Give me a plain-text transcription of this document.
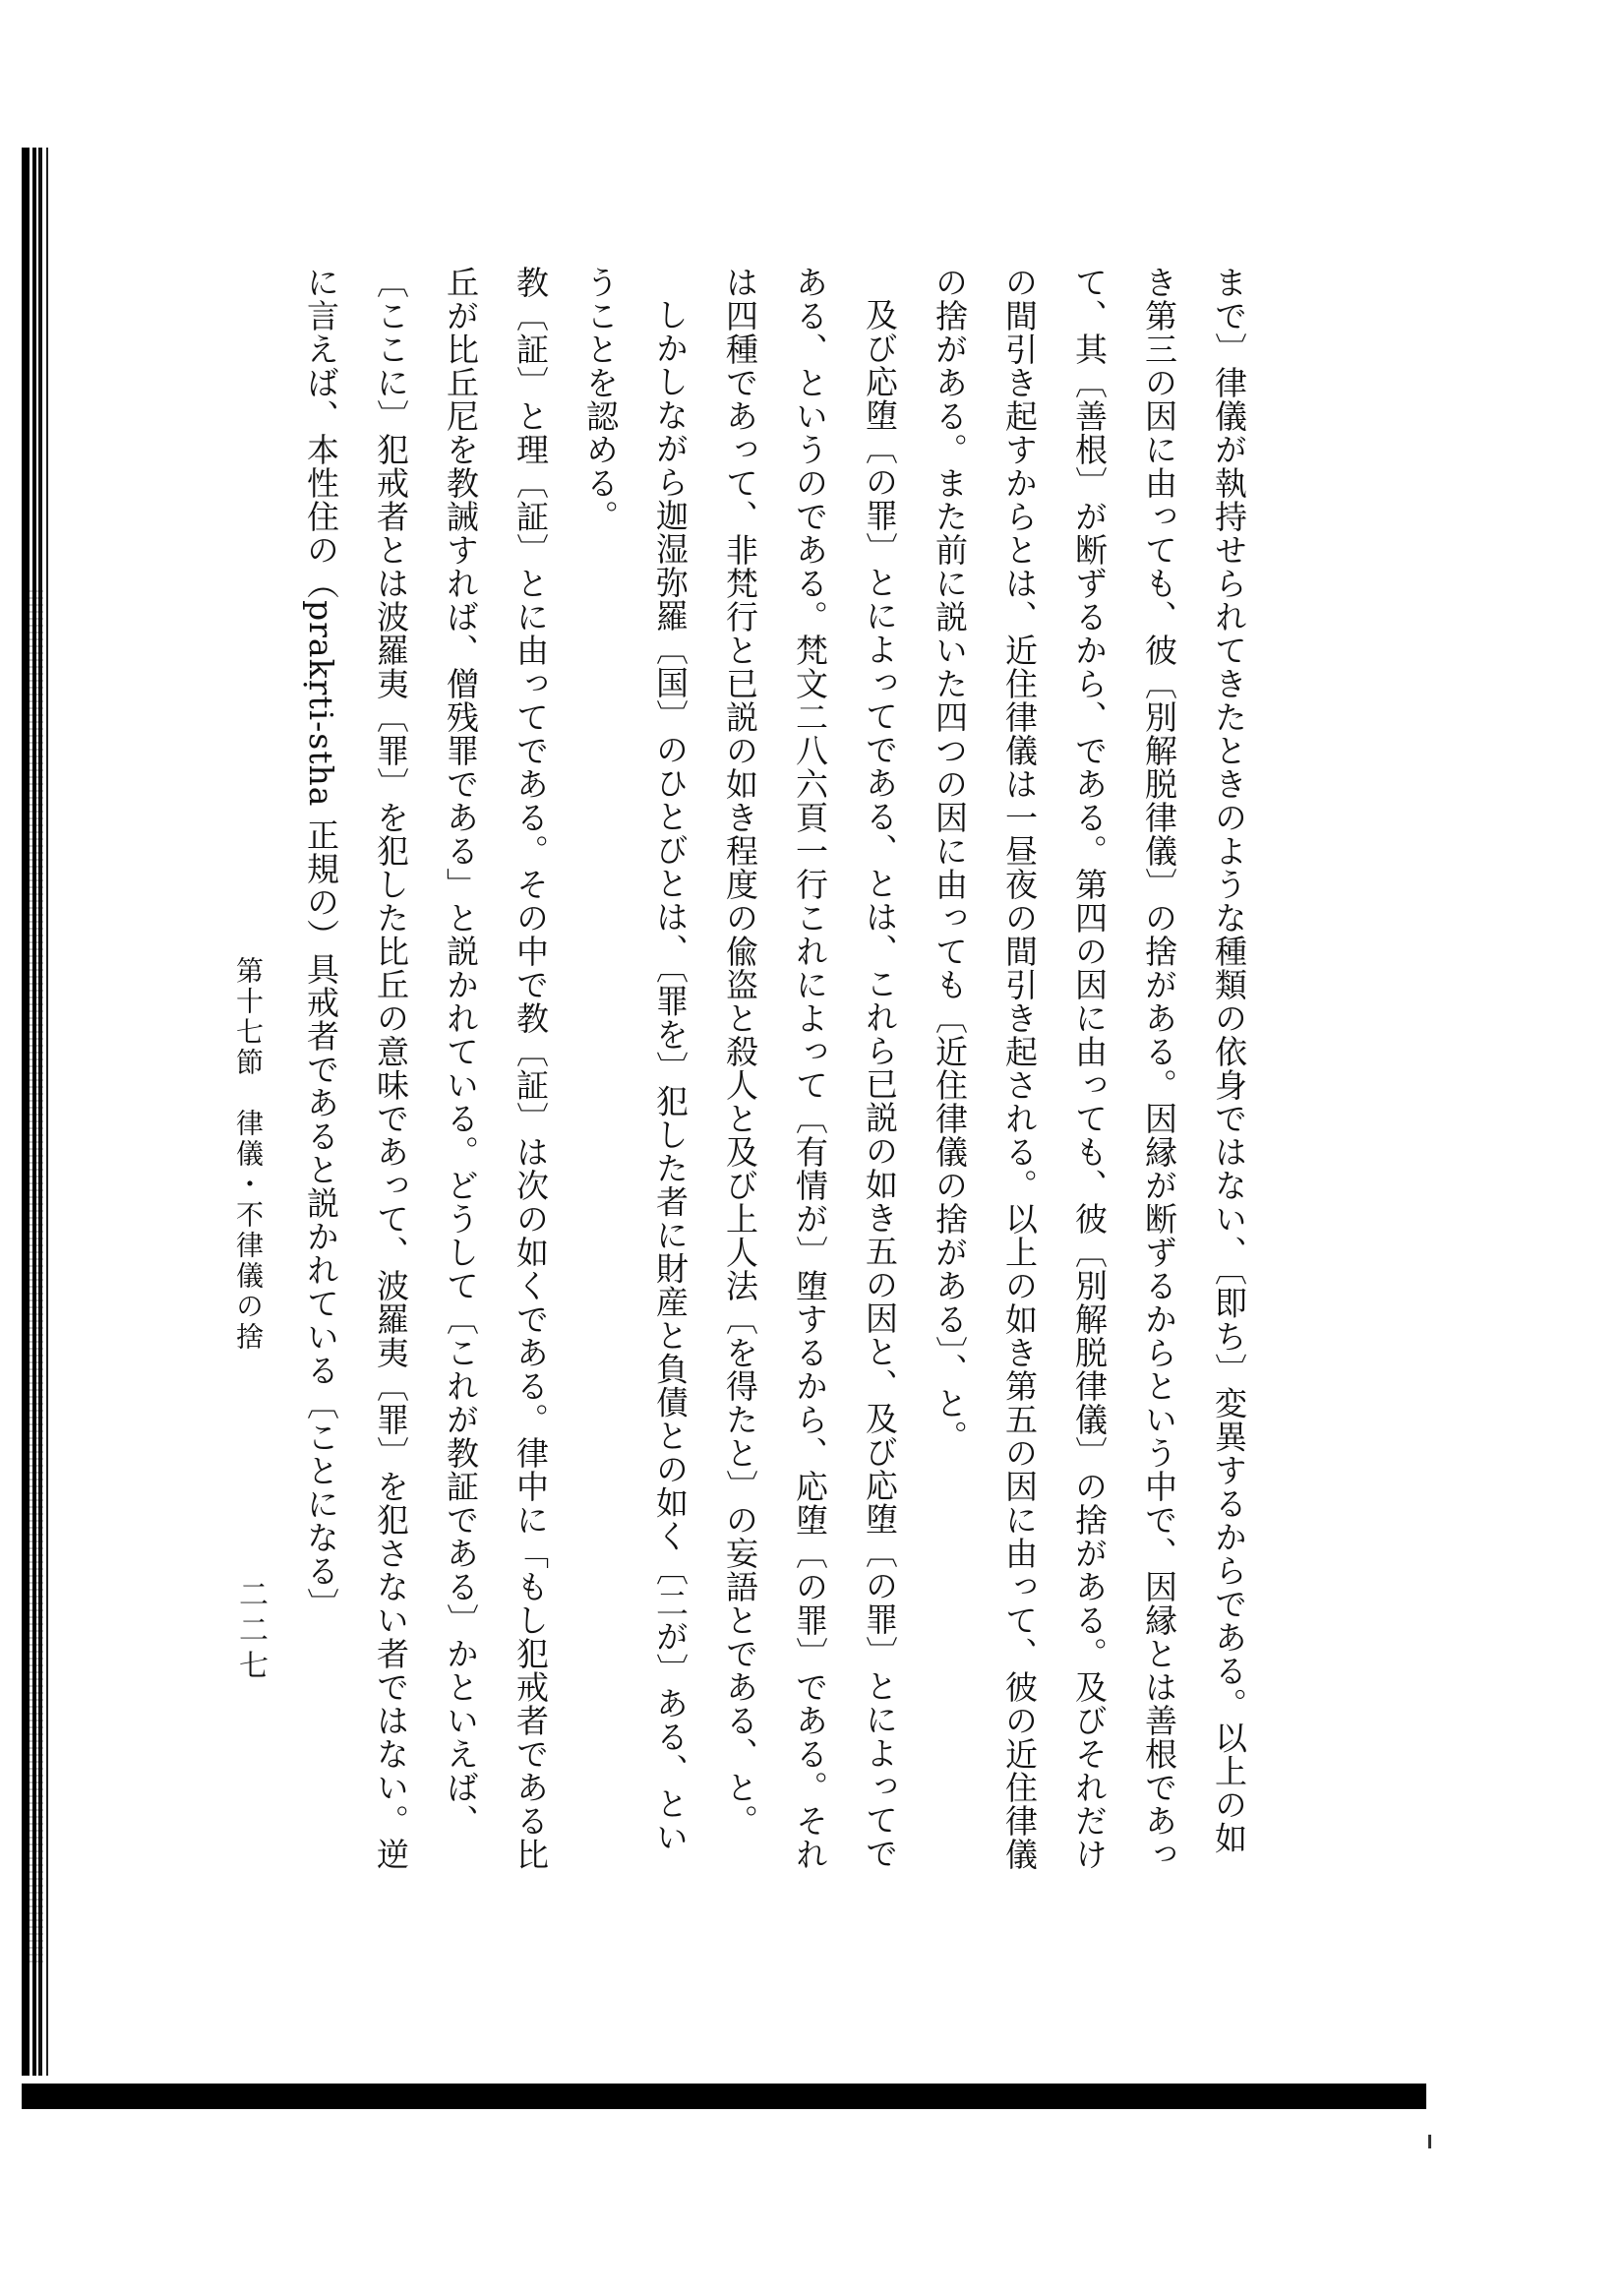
まで〕律儀が執持せられてきたときのような種類の依身ではない、〔即ち〕変異するからである。以上の如き第三の因に由っても、彼〔別解脱律儀〕の捨がある。因縁が断ずるからという中で、因縁とは善根であって、其〔善根〕が断ずるから、である。第四の因に由っても、彼〔別解脱律儀〕の捨がある。及びそれだけの間引き起すからとは、近住律儀は一昼夜の間引き起される。以上の如き第五の因に由って、彼の近住律儀の捨がある。また前に説いた四つの因に由っても〔近住律儀の捨がある〕、と。

及び応堕〔の罪〕とによってである、とは、これら已説の如き五の因と、及び応堕〔の罪〕とによってである、というのである。梵文二八六頁一行これによって〔有情が〕堕するから、応堕〔の罪〕である。それは四種であって、非梵行と已説の如き程度の偸盗と殺人と及び上人法〔を得たと〕の妄語とである、と。

しかしながら迦湿弥羅〔国〕のひとびとは、〔罪を〕犯した者に財産と負債との如く〔二が〕ある、ということを認める。

教〔証〕と理〔証〕とに由ってである。その中で教〔証〕は次の如くである。律中に「もし犯戒者である比丘が比丘尼を教誡すれば、僧残罪である」と説かれている。どうして〔これが教証である〕かといえば、〔ここに〕犯戒者とは波羅夷〔罪〕を犯した比丘の意味であって、波羅夷〔罪〕を犯さない者ではない。逆に言えば、本性住の（prakṛti-stha 正規の）具戒者であると説かれている〔ことになる〕

第十七節　律儀・不律儀の捨
二二七
